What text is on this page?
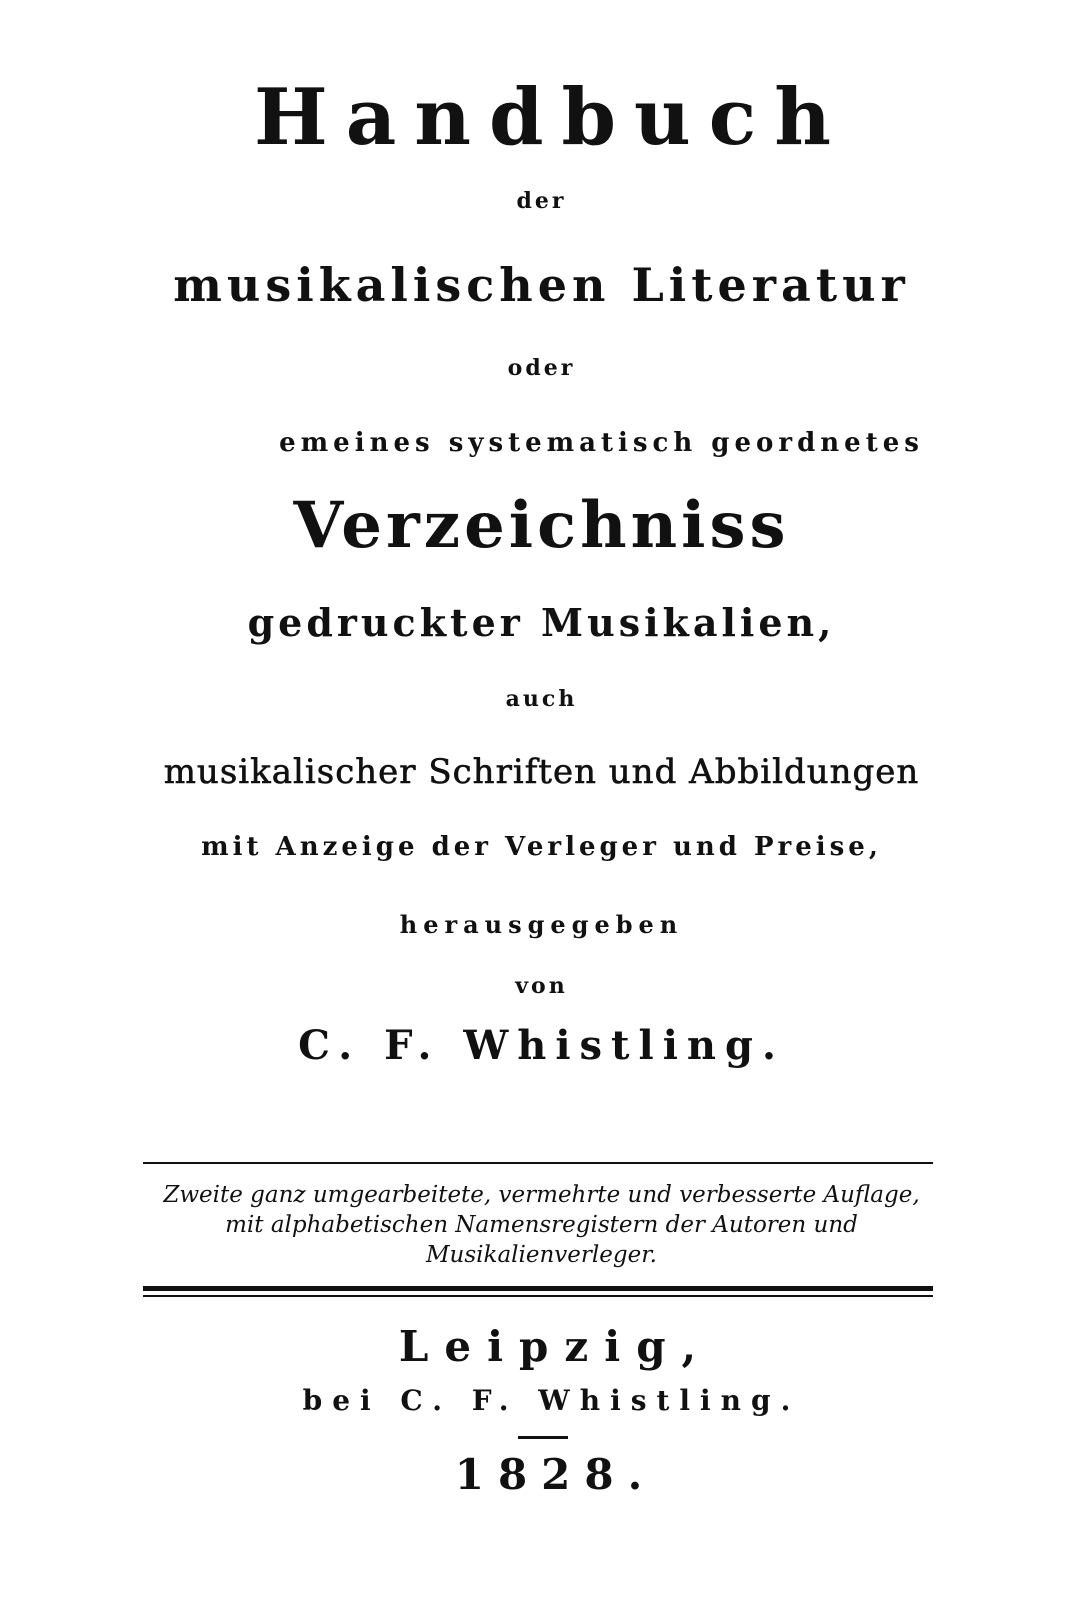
Handbuch
der
musikalischen Literatur
oder
emeines systematisch geordnetes
Verzeichniss
gedruckter Musikalien,
auch
musikalischer Schriften und Abbildungen
mit Anzeige der Verleger und Preise,
herausgegeben
von
C. F. Whistling.
Zweite ganz umgearbeitete, vermehrte und verbesserte Auflage,
mit alphabetischen Namensregistern der Autoren und
Musikalienverleger.
Leipzig,
bei C. F. Whistling.
1828.
